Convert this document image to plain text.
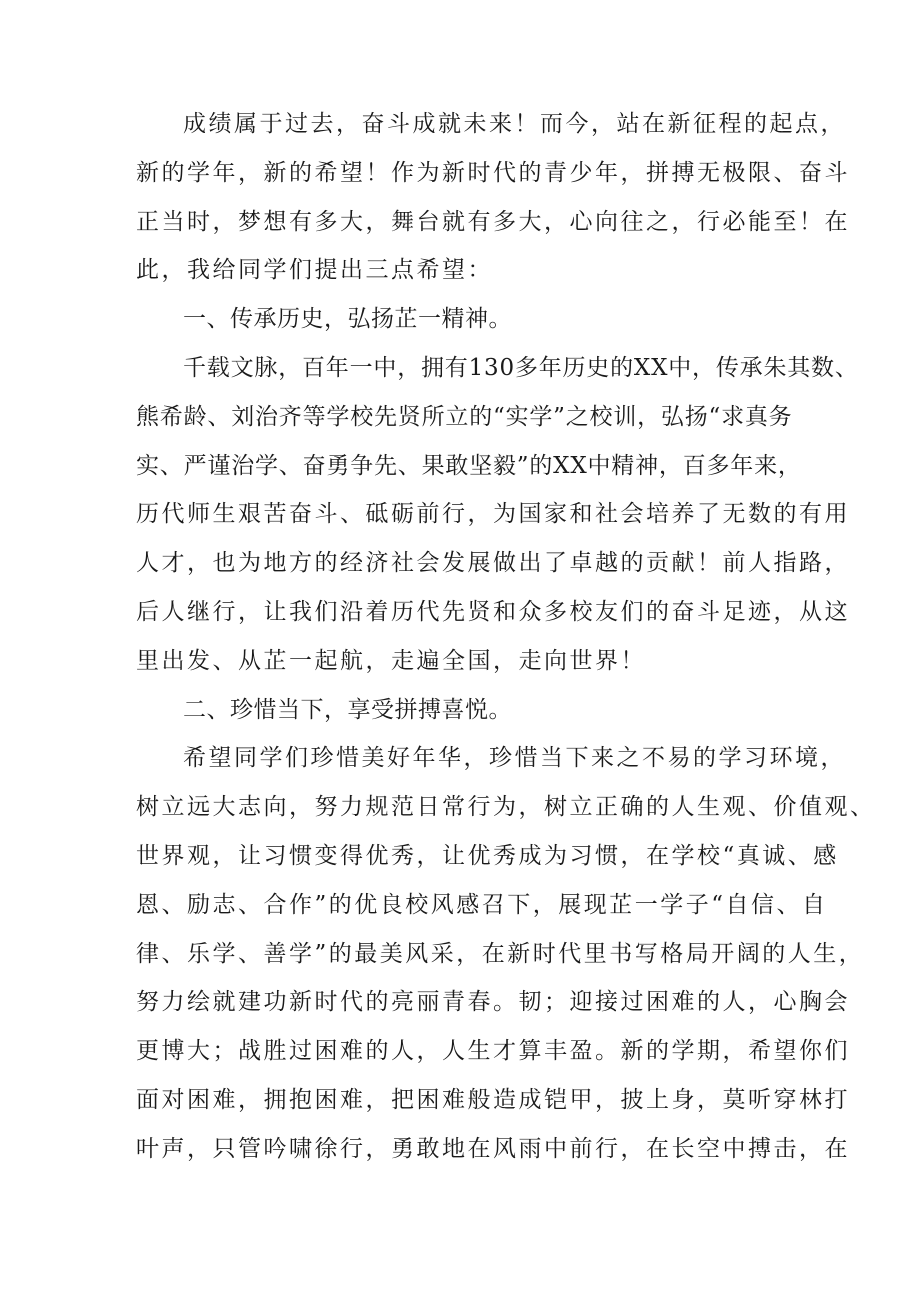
成绩属于过去，奋斗成就未来！而今，站在新征程的起点，
新的学年，新的希望！作为新时代的青少年，拼搏无极限、奋斗
正当时，梦想有多大，舞台就有多大，心向往之，行必能至！在
此，我给同学们提出三点希望：
一、传承历史，弘扬芷一精神。
千载文脉，百年一中，拥有130多年历史的XX中，传承朱其数、
熊希龄、刘治齐等学校先贤所立的“实学”之校训，弘扬“求真务
实、严谨治学、奋勇争先、果敢坚毅”的XX中精神，百多年来，
历代师生艰苦奋斗、砥砺前行，为国家和社会培养了无数的有用
人才，也为地方的经济社会发展做出了卓越的贡献！前人指路，
后人继行，让我们沿着历代先贤和众多校友们的奋斗足迹，从这
里出发、从芷一起航，走遍全国，走向世界！
二、珍惜当下，享受拼搏喜悦。
希望同学们珍惜美好年华，珍惜当下来之不易的学习环境，
树立远大志向，努力规范日常行为，树立正确的人生观、价值观、
世界观，让习惯变得优秀，让优秀成为习惯，在学校“真诚、感
恩、励志、合作”的优良校风感召下，展现芷一学子“自信、自
律、乐学、善学”的最美风采，在新时代里书写格局开阔的人生，
努力绘就建功新时代的亮丽青春。韧；迎接过困难的人，心胸会
更博大；战胜过困难的人，人生才算丰盈。新的学期，希望你们
面对困难，拥抱困难，把困难般造成铠甲，披上身，莫听穿林打
叶声，只管吟啸徐行，勇敢地在风雨中前行，在长空中搏击，在
